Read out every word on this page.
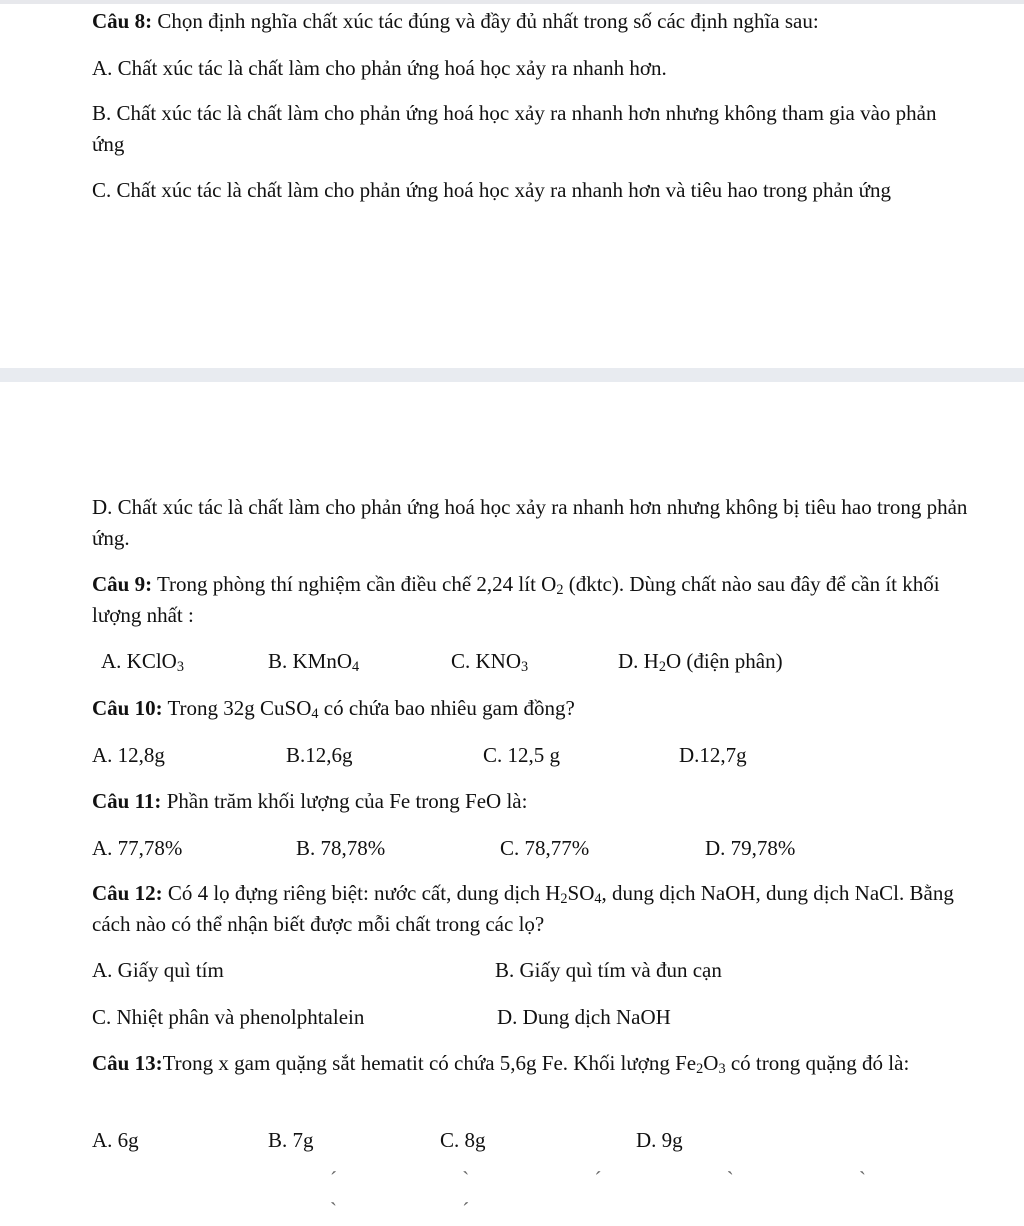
Câu 8: Chọn định nghĩa chất xúc tác đúng và đầy đủ nhất trong số các định nghĩa sau:

A. Chất xúc tác là chất làm cho phản ứng hoá học xảy ra nhanh hơn.

B. Chất xúc tác là chất làm cho phản ứng hoá học xảy ra nhanh hơn nhưng không tham gia vào phản ứng

C. Chất xúc tác là chất làm cho phản ứng hoá học xảy ra nhanh hơn và tiêu hao trong phản ứng

D. Chất xúc tác là chất làm cho phản ứng hoá học xảy ra nhanh hơn nhưng không bị tiêu hao trong phản ứng.

Câu 9: Trong phòng thí nghiệm cần điều chế 2,24 lít $O_2$ (đktc). Dùng chất nào sau đây để cần ít khối lượng nhất :

A. KClO$_3$	B. KMnO$_4$	C. $KNO_3$	D. $H_2O$ (điện phân)

Câu 10: Trong 32g CuSO$_4$ có chứa bao nhiêu gam đồng?

A. 12,8g	B.12,6g	C. 12,5 g	D.12,7g

Câu 11: Phần trăm khối lượng của Fe trong FeO là:

A. 77,78%	B. 78,78%	C. 78,77%	D. 79,78%

Câu 12: Có 4 lọ đựng riêng biệt: nước cất, dung dịch $H_2SO_4$, dung dịch NaOH, dung dịch NaCl. Bằng cách nào có thể nhận biết được mỗi chất trong các lọ?

A. Giấy quì tím	B. Giấy quì tím và đun cạn
C. Nhiệt phân và phenolphtalein	D. Dung dịch NaOH

Câu 13:Trong x gam quặng sắt hematit có chứa 5,6g Fe. Khối lượng $Fe_2O_3$ có trong quặng đó là:

A. 6g	B. 7g	C. 8g	D. 9g
´ ` ´ ` ` ` ´
